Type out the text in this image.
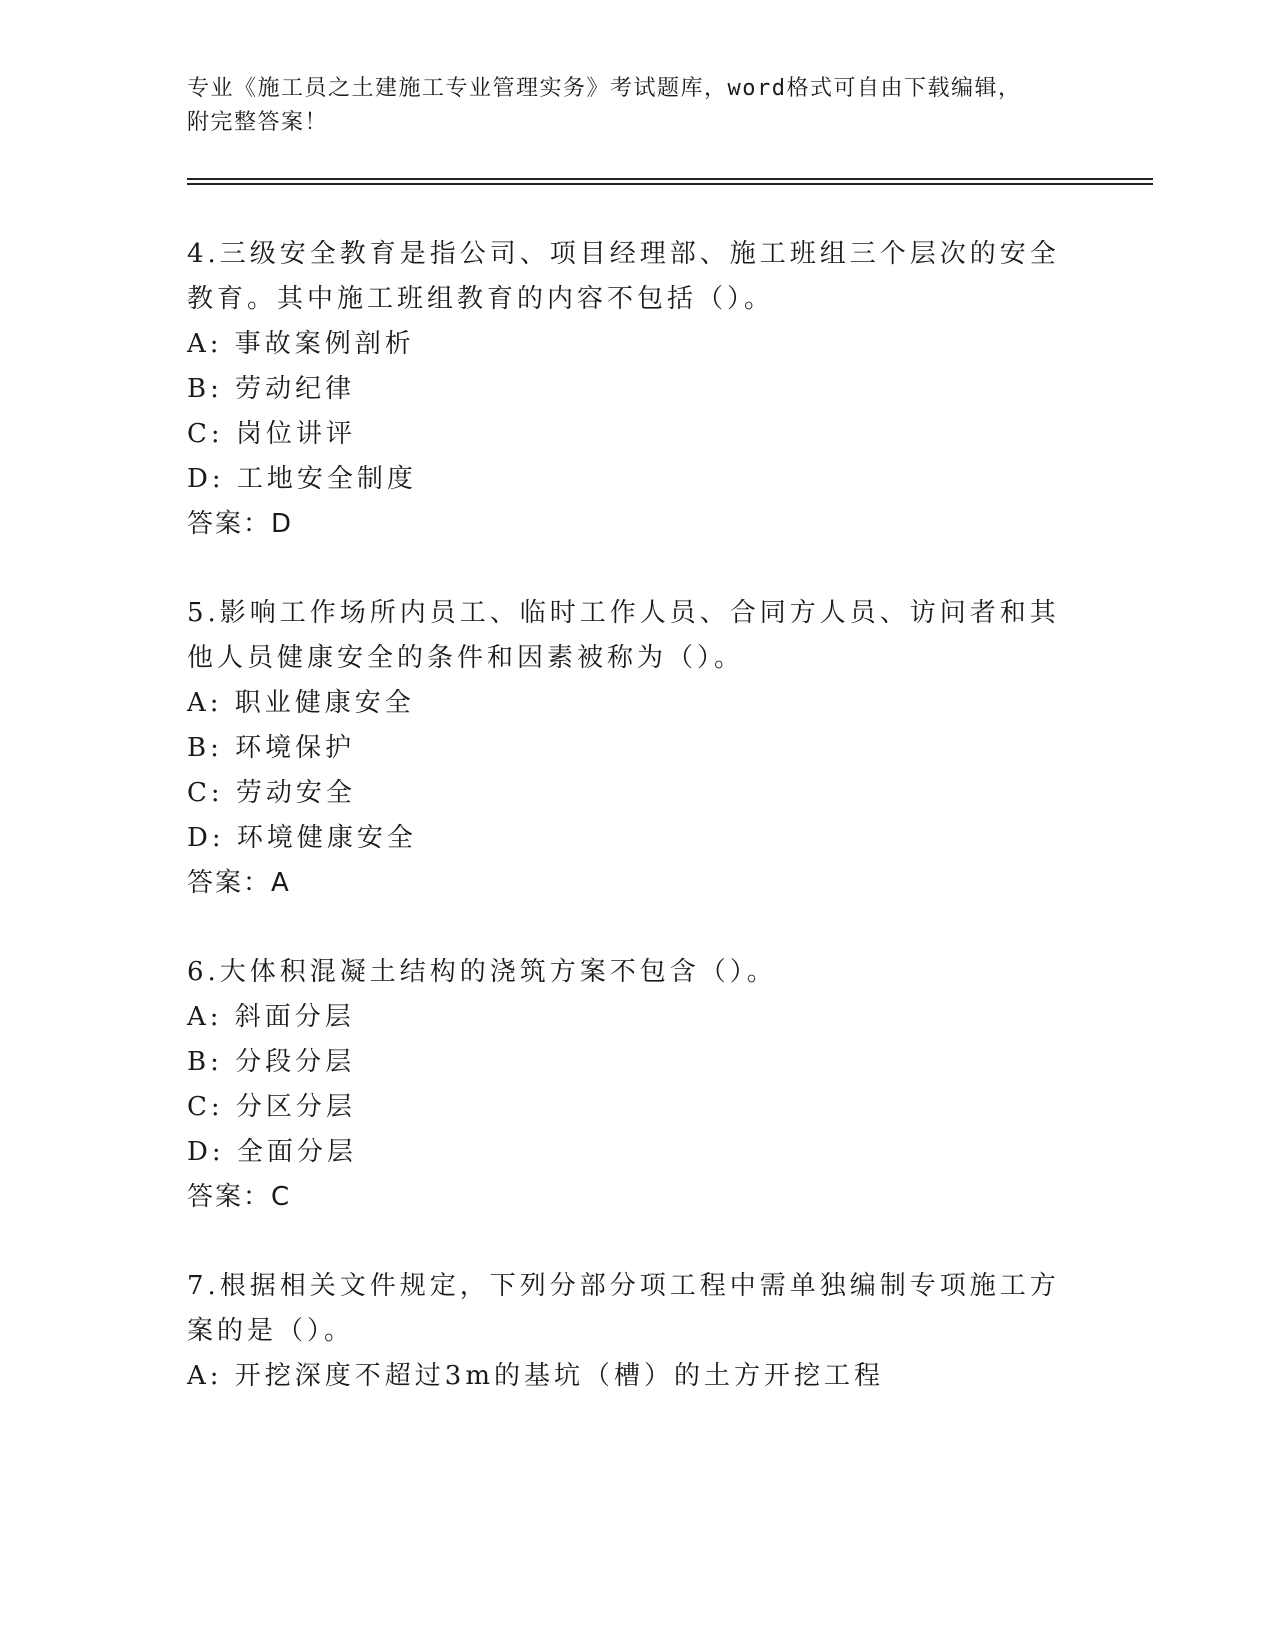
专业《施工员之土建施工专业管理实务》考试题库，word格式可自由下载编辑，
附完整答案！
4.三级安全教育是指公司、项目经理部、施工班组三个层次的安全教育。其中施工班组教育的内容不包括（）。
A: 事故案例剖析
B: 劳动纪律
C: 岗位讲评
D: 工地安全制度
答案：D
5.影响工作场所内员工、临时工作人员、合同方人员、访问者和其他人员健康安全的条件和因素被称为（）。
A: 职业健康安全
B: 环境保护
C: 劳动安全
D: 环境健康安全
答案：A
6.大体积混凝土结构的浇筑方案不包含（）。
A: 斜面分层
B: 分段分层
C: 分区分层
D: 全面分层
答案：C
7.根据相关文件规定，下列分部分项工程中需单独编制专项施工方案的是（）。
A: 开挖深度不超过3m的基坑（槽）的土方开挖工程
